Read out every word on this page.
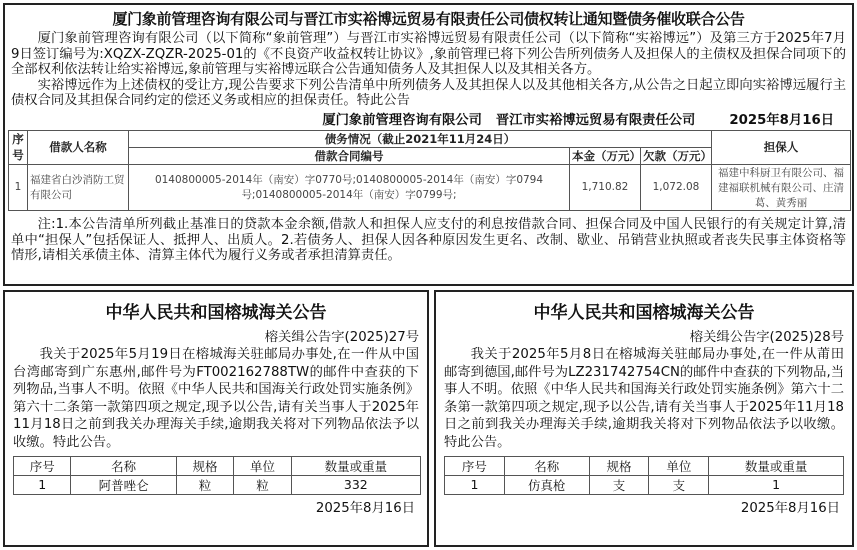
厦门象前管理咨询有限公司与晋江市实裕博远贸易有限责任公司债权转让通知暨债务催收联合公告
厦门象前管理咨询有限公司（以下简称“象前管理”）与晋江市实裕博远贸易有限责任公司（以下简称“实裕博远”）及第三方于2025年7月9日签订编号为:XQZX-ZQZR-2025-01的《不良资产收益权转让协议》,象前管理已将下列公告所列债务人及担保人的主债权及担保合同项下的全部权利依法转让给实裕博远,象前管理与实裕博远联合公告通知债务人及其担保人以及其相关各方。
实裕博远作为上述债权的受让方,现公告要求下列公告清单中所列债务人及其担保人以及其他相关各方,从公告之日起立即向实裕博远履行主债权合同及其担保合同约定的偿还义务或相应的担保责任。特此公告
厦门象前管理咨询有限公司 晋江市实裕博远贸易有限责任公司	2025年8月16日
序号	借款人名称	债务情况（截止2021年11月24日）			担保人
		借款合同编号	本金（万元）	欠款（万元）	
1	福建省白沙消防工贸有限公司	0140800005-2014年（南安）字0770号;0140800005-2014年（南安）字0794号;0140800005-2014年（南安）字0799号;	1,710.82	1,072.08	福建中科厨卫有限公司、福建福联机械有限公司、庄清葛、黄秀丽
注:1.本公告清单所列截止基准日的贷款本金余额,借款人和担保人应支付的利息按借款合同、担保合同及中国人民银行的有关规定计算,清单中“担保人”包括保证人、抵押人、出质人。2.若债务人、担保人因各种原因发生更名、改制、歇业、吊销营业执照或者丧失民事主体资格等情形,请相关承债主体、清算主体代为履行义务或者承担清算责任。
中华人民共和国榕城海关公告
榕关缉公告字(2025)27号
我关于2025年5月19日在榕城海关驻邮局办事处,在一件从中国台湾邮寄到广东惠州,邮件号为FT002162788TW的邮件中查获的下列物品,当事人不明。依照《中华人民共和国海关行政处罚实施条例》第六十二条第一款第四项之规定,现予以公告,请有关当事人于2025年11月18日之前到我关办理海关手续,逾期我关将对下列物品依法予以收缴。特此公告。
序号	名称	规格	单位	数量或重量
1	阿普唑仑	粒	粒	332
2025年8月16日
中华人民共和国榕城海关公告
榕关缉公告字(2025)28号
我关于2025年5月8日在榕城海关驻邮局办事处,在一件从莆田邮寄到德国,邮件号为LZ231742754CN的邮件中查获的下列物品,当事人不明。依照《中华人民共和国海关行政处罚实施条例》第六十二条第一款第四项之规定,现予以公告,请有关当事人于2025年11月18日之前到我关办理海关手续,逾期我关将对下列物品依法予以收缴。特此公告。
序号	名称	规格	单位	数量或重量
1	仿真枪	支	支	1
2025年8月16日
